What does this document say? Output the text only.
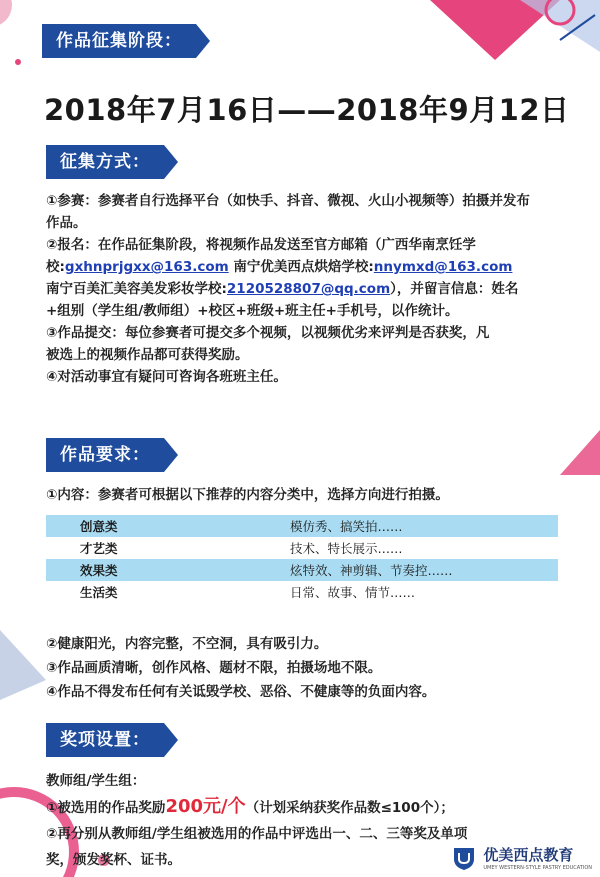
作品征集阶段：
2018年7月16日——2018年9月12日
征集方式：

①参赛：参赛者自行选择平台（如快手、抖音、微视、火山小视频等）拍摄并发布

作品。

②报名：在作品征集阶段，将视频作品发送至官方邮箱（广西华南烹饪学

校:gxhnprjgxx@163.com 南宁优美西点烘焙学校:nnymxd@163.com

南宁百美汇美容美发彩妆学校:2120528807@qq.com），并留言信息：姓名

+组别（学生组/教师组）+校区+班级+班主任+手机号，以作统计。

③作品提交：每位参赛者可提交多个视频，以视频优劣来评判是否获奖，凡

被选上的视频作品都可获得奖励。

④对活动事宜有疑问可咨询各班班主任。

作品要求：
①内容：参赛者可根据以下推荐的内容分类中，选择方向进行拍摄。
创意类	模仿秀、搞笑拍……
才艺类	技术、特长展示……
效果类	炫特效、神剪辑、节奏控……
生活类	日常、故事、情节……

②健康阳光，内容完整，不空洞，具有吸引力。

③作品画质清晰，创作风格、题材不限，拍摄场地不限。

④作品不得发布任何有关诋毁学校、恶俗、不健康等的负面内容。

奖项设置：

教师组/学生组：

①被选用的作品奖励200元/个（计划采纳获奖作品数≤100个）；

②再分别从教师组/学生组被选用的作品中评选出一、二、三等奖及单项

奖，颁发奖杯、证书。	优美西点教育
UMEY WESTERN-STYLE PASTRY EDUCATION
